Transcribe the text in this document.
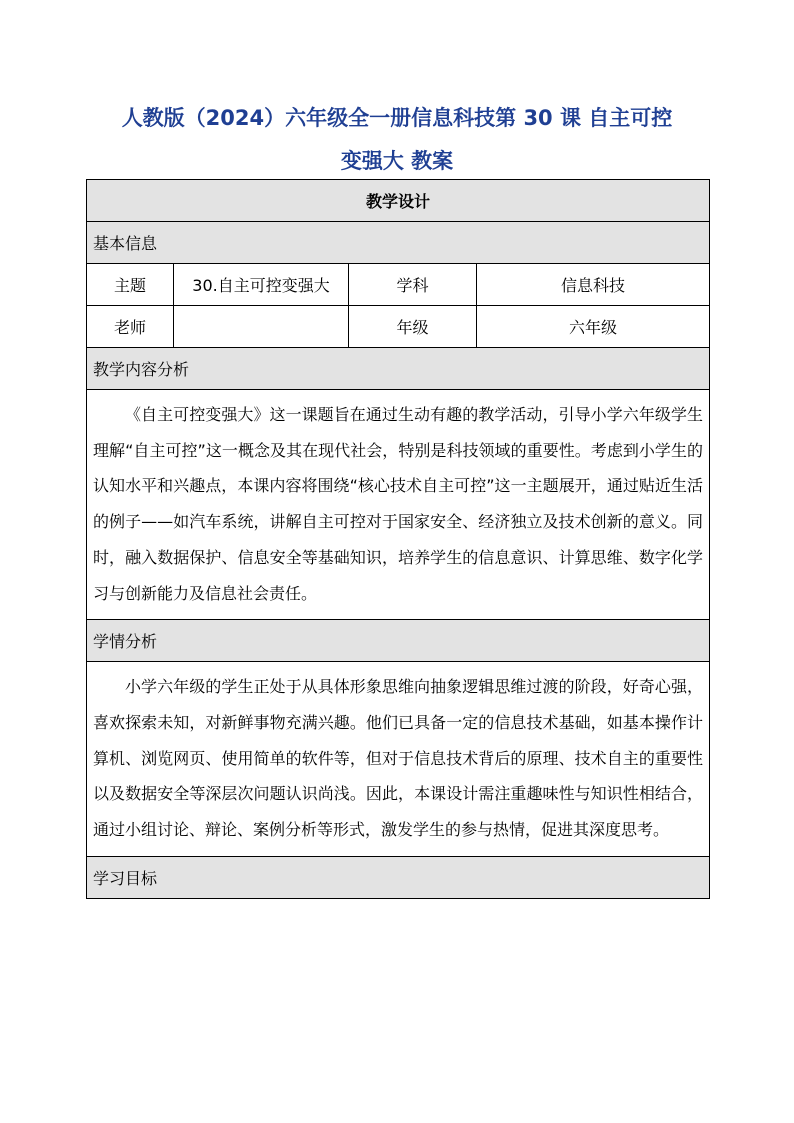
人教版（2024）六年级全一册信息科技第 30 课 自主可控
变强大 教案
教学设计			
基本信息			
主题	30.自主可控变强大	学科	信息科技
老师		年级	六年级
教学内容分析			
《自主可控变强大》这一课题旨在通过生动有趣的教学活动，引导小学六年级学生理解“自主可控”这一概念及其在现代社会，特别是科技领域的重要性。考虑到小学生的认知水平和兴趣点，本课内容将围绕“核心技术自主可控”这一主题展开，通过贴近生活的例子——如汽车系统，讲解自主可控对于国家安全、经济独立及技术创新的意义。同时，融入数据保护、信息安全等基础知识，培养学生的信息意识、计算思维、数字化学习与创新能力及信息社会责任。			
学情分析			
小学六年级的学生正处于从具体形象思维向抽象逻辑思维过渡的阶段，好奇心强，喜欢探索未知，对新鲜事物充满兴趣。他们已具备一定的信息技术基础，如基本操作计算机、浏览网页、使用简单的软件等，但对于信息技术背后的原理、技术自主的重要性以及数据安全等深层次问题认识尚浅。因此，本课设计需注重趣味性与知识性相结合，通过小组讨论、辩论、案例分析等形式，激发学生的参与热情，促进其深度思考。			
学习目标			
